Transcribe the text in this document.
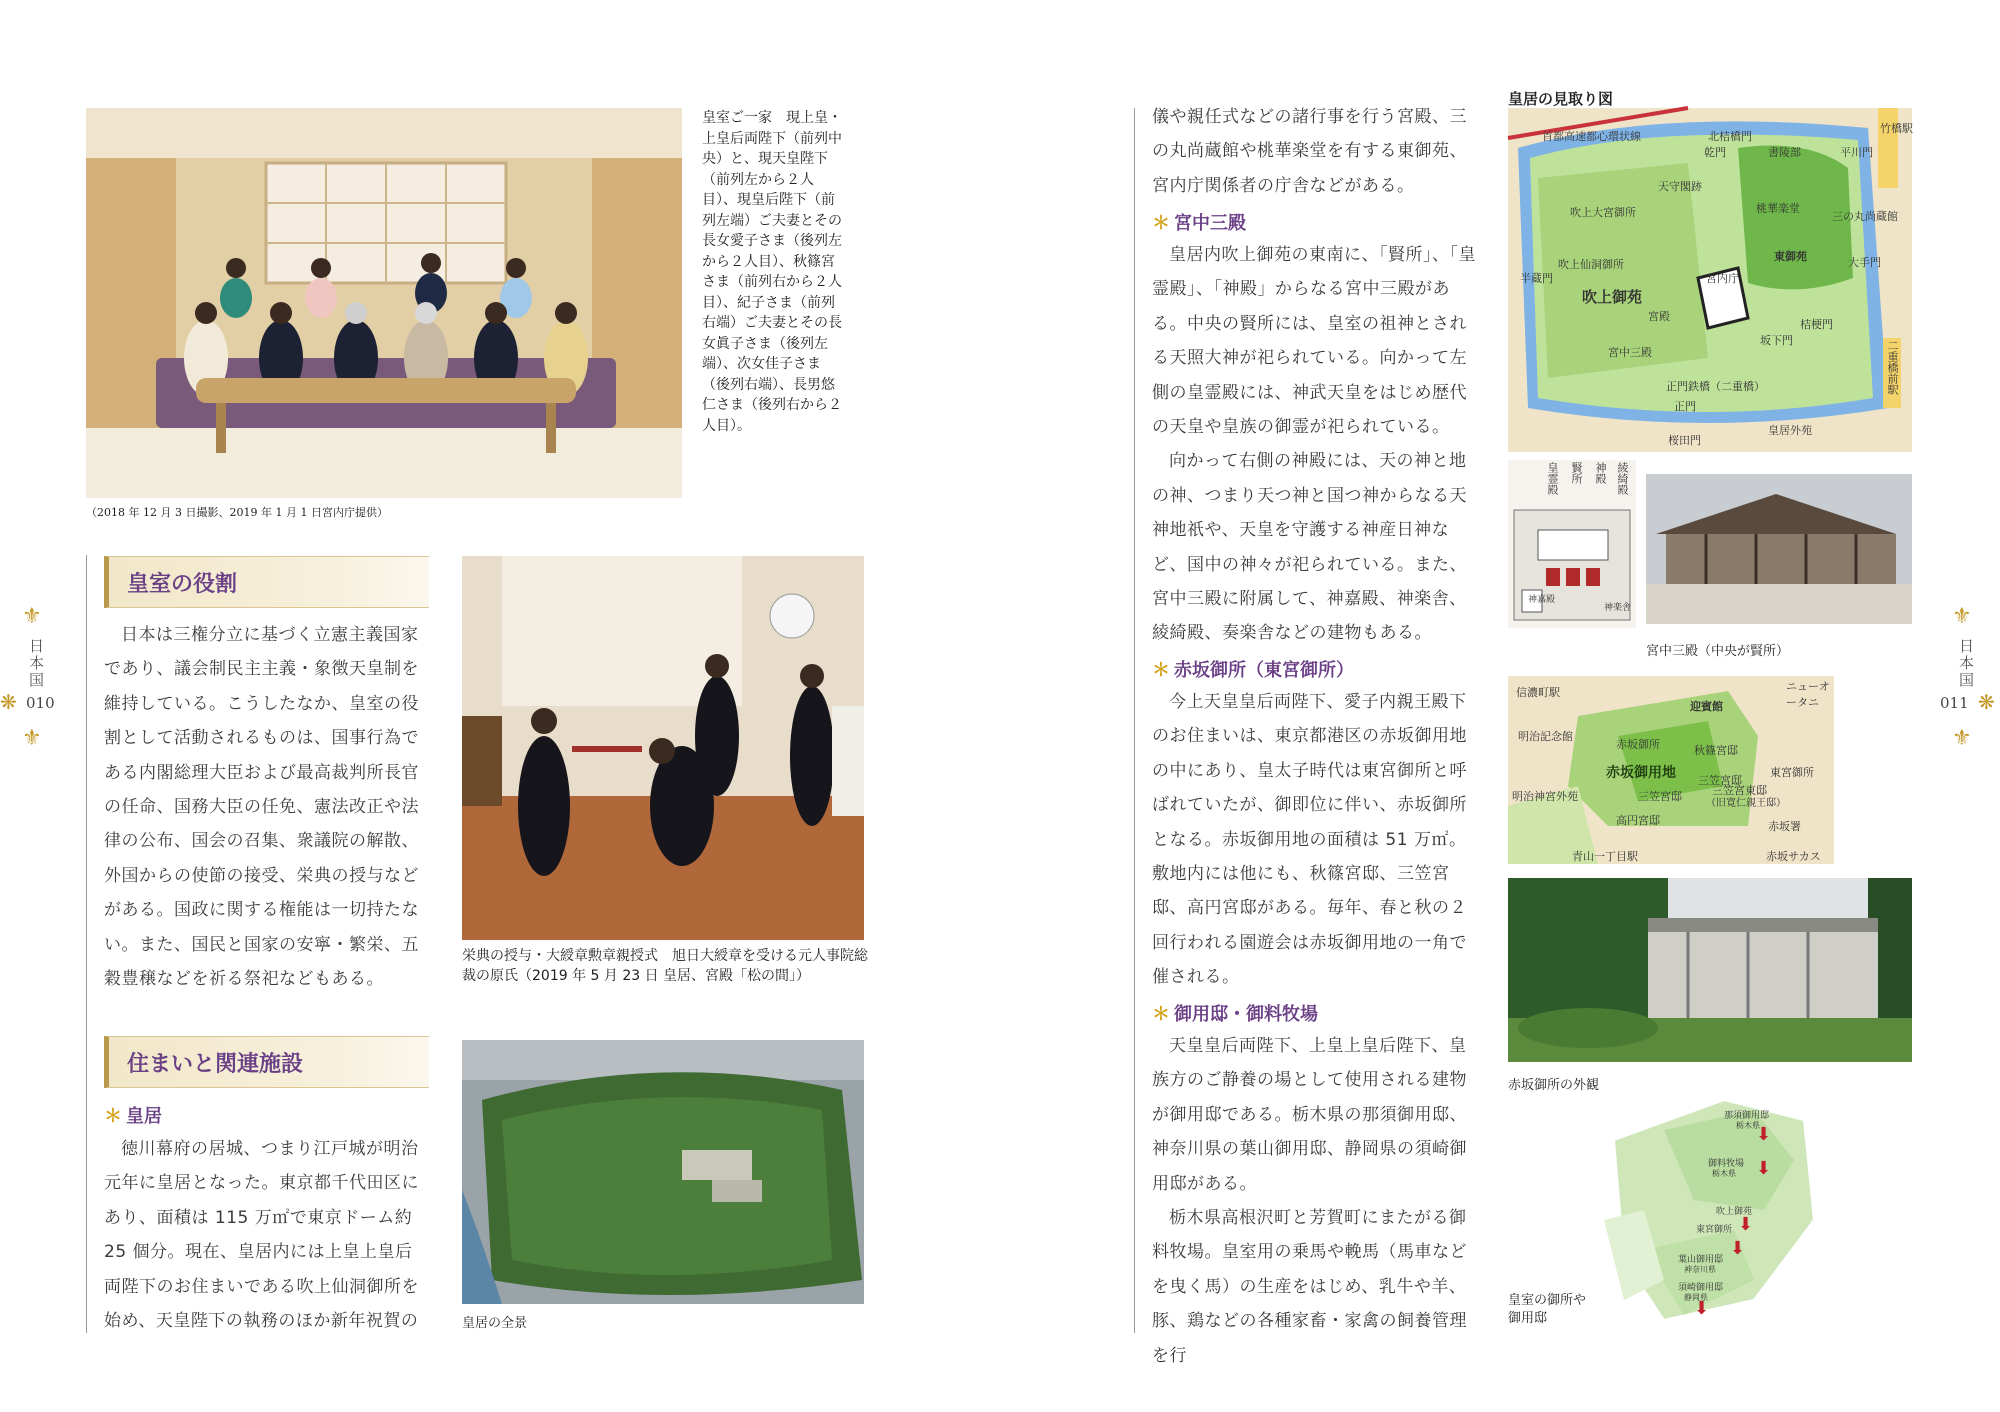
皇室ご一家　現上皇・上皇后両陛下（前列中央）と、現天皇陛下（前列左から２人目）、現皇后陛下（前列左端）ご夫妻とその長女愛子さま（後列左から２人目）、秋篠宮さま（前列右から２人目）、紀子さま（前列右端）ご夫妻とその長女眞子さま（後列左端）、次女佳子さま（後列右端）、長男悠仁さま（後列右から２人目）。
（2018 年 12 月 3 日撮影、2019 年 1 月 1 日宮内庁提供）
皇室の役割

日本は三権分立に基づく立憲主義国家であり、議会制民主主義・象徴天皇制を維持している。こうしたなか、皇室の役割として活動されるものは、国事行為である内閣総理大臣および最高裁判所長官の任命、国務大臣の任免、憲法改正や法律の公布、国会の召集、衆議院の解散、外国からの使節の接受、栄典の授与などがある。国政に関する権能は一切持たない。また、国民と国家の安寧・繁栄、五穀豊穣などを祈る祭祀などもある。

栄典の授与・大綬章勲章親授式　旭日大綬章を受ける元人事院総裁の原氏（2019 年 5 月 23 日 皇居、宮殿「松の間」）
住まいと関連施設
＊ 皇居

徳川幕府の居城、つまり江戸城が明治元年に皇居となった。東京都千代田区にあり、面積は 115 万㎡で東京ドーム約 25 個分。現在、皇居内には上皇上皇后両陛下のお住まいである吹上仙洞御所を始め、天皇陛下の執務のほか新年祝賀の	皇居の全景
⚜
日本国
❋ 010
⚜

儀や親任式などの諸行事を行う宮殿、三の丸尚蔵館や桃華楽堂を有する東御苑、宮内庁関係者の庁舎などがある。

＊ 宮中三殿

皇居内吹上御苑の東南に、「賢所」、「皇霊殿」、「神殿」からなる宮中三殿がある。中央の賢所には、皇室の祖神とされる天照大神が祀られている。向かって左側の皇霊殿には、神武天皇をはじめ歴代の天皇や皇族の御霊が祀られている。

向かって右側の神殿には、天の神と地の神、つまり天つ神と国つ神からなる天神地祇や、天皇を守護する神産日神など、国中の神々が祀られている。また、宮中三殿に附属して、神嘉殿、神楽舎、綾綺殿、奏楽舎などの建物もある。

＊ 赤坂御所（東宮御所）

今上天皇皇后両陛下、愛子内親王殿下のお住まいは、東京都港区の赤坂御用地の中にあり、皇太子時代は東宮御所と呼ばれていたが、御即位に伴い、赤坂御所となる。赤坂御用地の面積は 51 万㎡。敷地内には他にも、秋篠宮邸、三笠宮邸、高円宮邸がある。毎年、春と秋の２回行われる園遊会は赤坂御用地の一角で催される。

＊ 御用邸・御料牧場

天皇皇后両陛下、上皇上皇后陛下、皇族方のご静養の場として使用される建物が御用邸である。栃木県の那須御用邸、神奈川県の葉山御用邸、静岡県の須崎御用邸がある。

栃木県高根沢町と芳賀町にまたがる御料牧場。皇室用の乗馬や輓馬（馬車などを曳く馬）の生産をはじめ、乳牛や羊、豚、鶏などの各種家畜・家禽の飼養管理を行

皇居の見取り図
首都高速都心環状線
竹橋駅
北桔橋門
平川門
書陵部
乾門
天守閣跡
桃華楽堂
吹上大宮御所	三の丸尚蔵館
東御苑
吹上御苑
吹上仙洞御所
半蔵門	宮内庁
大手門
宮殿
坂下門
宮中三殿
桔梗門
正門鉄橋（二重橋）
正門
皇居外苑
桜田門
二重橋前駅
皇霊殿 賢所 神殿 綾綺殿
神嘉殿
神楽舎
宮中三殿（中央が賢所）
信濃町駅
迎賓館
ニューオータニ
明治記念館
赤坂御所	秋篠宮邸
赤坂御用地 三笠宮邸
東宮御所
三笠宮東邸
（旧寛仁親王邸）
明治神宮外苑	三笠宮邸
高円宮邸	赤坂署
青山一丁目駅	赤坂サカス
赤坂御所の外観
那須御用邸
栃木県
⬇
御料牧場
栃木県 ⬇
吹上御苑
東宮御所 ⬇
⬇
葉山御用邸
神奈川県
須崎御用邸
静岡県
⬇
皇室の御所や御用邸
⚜
日本国
❋
011
⚜
